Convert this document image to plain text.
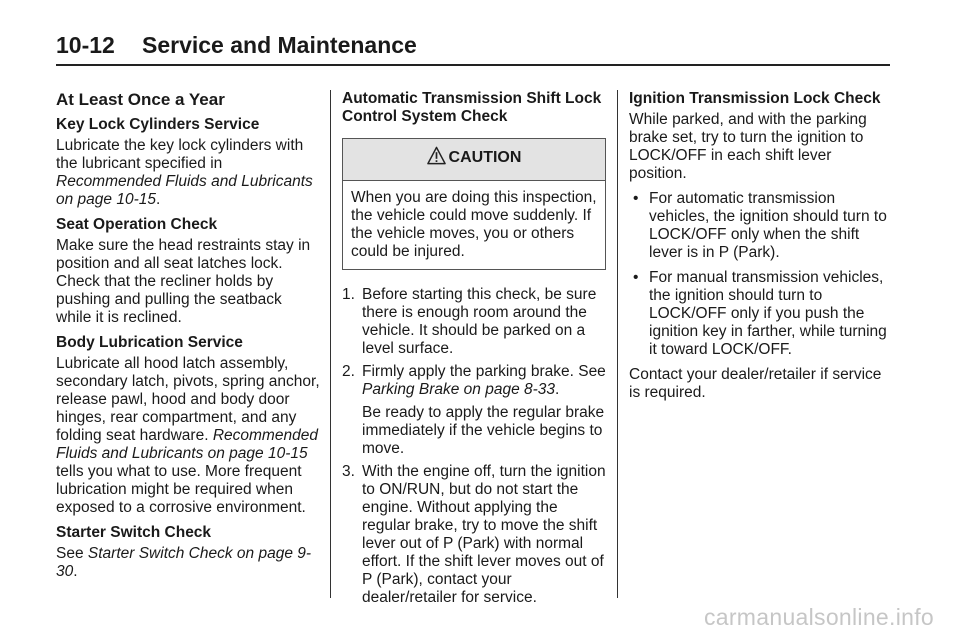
10-12 Service and Maintenance
At Least Once a Year
Key Lock Cylinders Service

Lubricate the key lock cylinders with the lubricant specified in Recommended Fluids and Lubricants on page 10-15.

Seat Operation Check

Make sure the head restraints stay in position and all seat latches lock. Check that the recliner holds by pushing and pulling the seatback while it is reclined.

Body Lubrication Service

Lubricate all hood latch assembly, secondary latch, pivots, spring anchor, release pawl, hood and body door hinges, rear compartment, and any folding seat hardware. Recommended Fluids and Lubricants on page 10-15 tells you what to use. More frequent lubrication might be required when exposed to a corrosive environment.

Starter Switch Check

See Starter Switch Check on page 9-30.

Automatic Transmission Shift Lock Control System Check
CAUTION
When you are doing this inspection, the vehicle could move suddenly. If the vehicle moves, you or others could be injured.
1. Before starting this check, be sure there is enough room around the vehicle. It should be parked on a level surface.
2. Firmly apply the parking brake. See Parking Brake on page 8-33.

Be ready to apply the regular brake immediately if the vehicle begins to move.

3. With the engine off, turn the ignition to ON/RUN, but do not start the engine. Without applying the regular brake, try to move the shift lever out of P (Park) with normal effort. If the shift lever moves out of P (Park), contact your dealer/retailer for service.
Ignition Transmission Lock Check

While parked, and with the parking brake set, try to turn the ignition to LOCK/OFF in each shift lever position.

• For automatic transmission vehicles, the ignition should turn to LOCK/OFF only when the shift lever is in P (Park).
• For manual transmission vehicles, the ignition should turn to LOCK/OFF only if you push the ignition key in farther, while turning it toward LOCK/OFF.

Contact your dealer/retailer if service is required.

carmanualsonline.info
